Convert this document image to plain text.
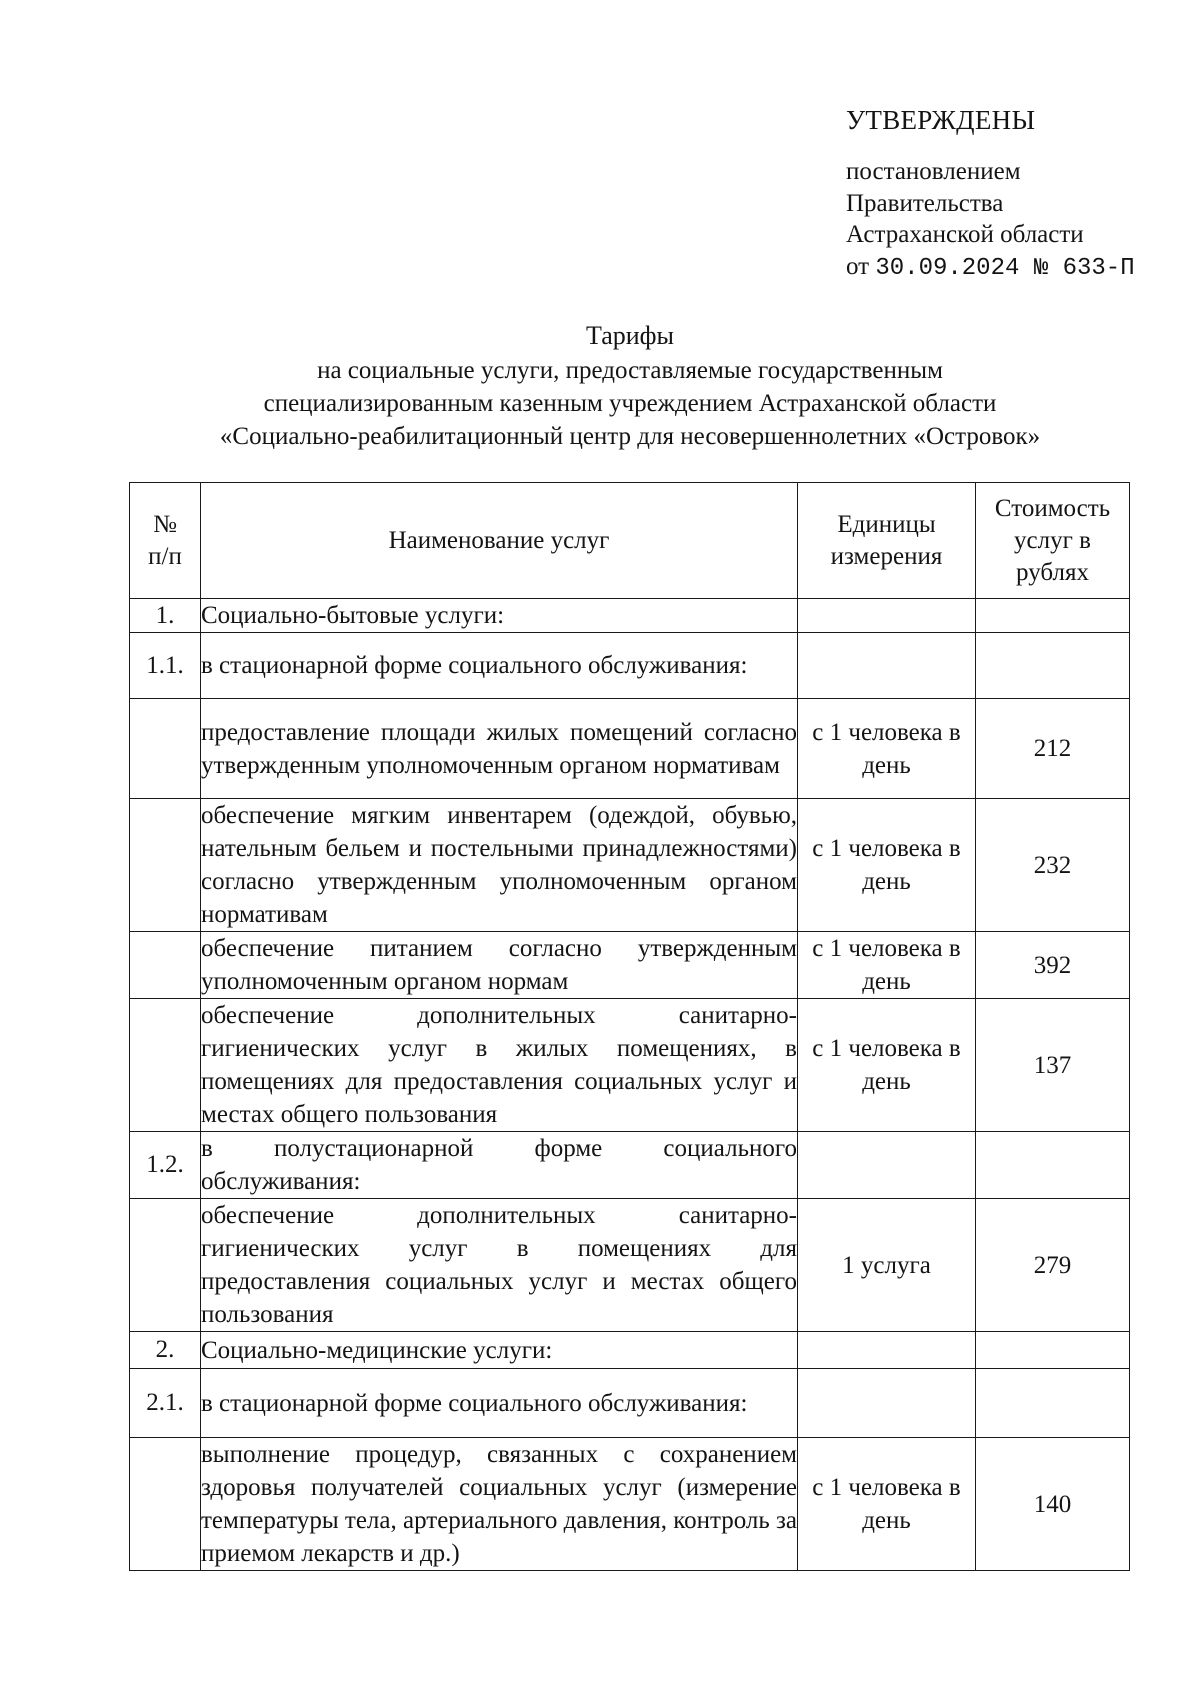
УТВЕРЖДЕНЫ
постановлением
Правительства
Астраханской области
от 30.09.2024 № 633-П
Тарифы
на социальные услуги, предоставляемые государственным
специализированным казенным учреждением Астраханской области
«Социально-реабилитационный центр для несовершеннолетних «Островок»
№ п/п	Наименование услуг	Единицы измерения	Стоимость услуг в рублях
1.	Социально-бытовые услуги:		
1.1.	в стационарной форме социального обслуживания:		
	предоставление площади жилых помещений согласно утвержденным уполномоченным органом нормативам	с 1 человека в день	212
	обеспечение мягким инвентарем (одеждой, обувью, нательным бельем и постельными принадлежностями) согласно утвержденным уполномоченным органом нормативам	с 1 человека в день	232
	обеспечение питанием согласно утвержденным уполномоченным органом нормам	с 1 человека в день	392
	обеспечение дополнительных санитарно-гигиенических услуг в жилых помещениях, в помещениях для предоставления социальных услуг и местах общего пользования	с 1 человека в день	137
1.2.	в полустационарной форме социального обслуживания:		
	обеспечение дополнительных санитарно-гигиенических услуг в помещениях для предоставления социальных услуг и местах общего пользования	1 услуга	279
2.	Социально-медицинские услуги:		
2.1.	в стационарной форме социального обслуживания:		
	выполнение процедур, связанных с сохранением здоровья получателей социальных услуг (измерение температуры тела, артериального давления, контроль за приемом лекарств и др.)	с 1 человека в день	140
